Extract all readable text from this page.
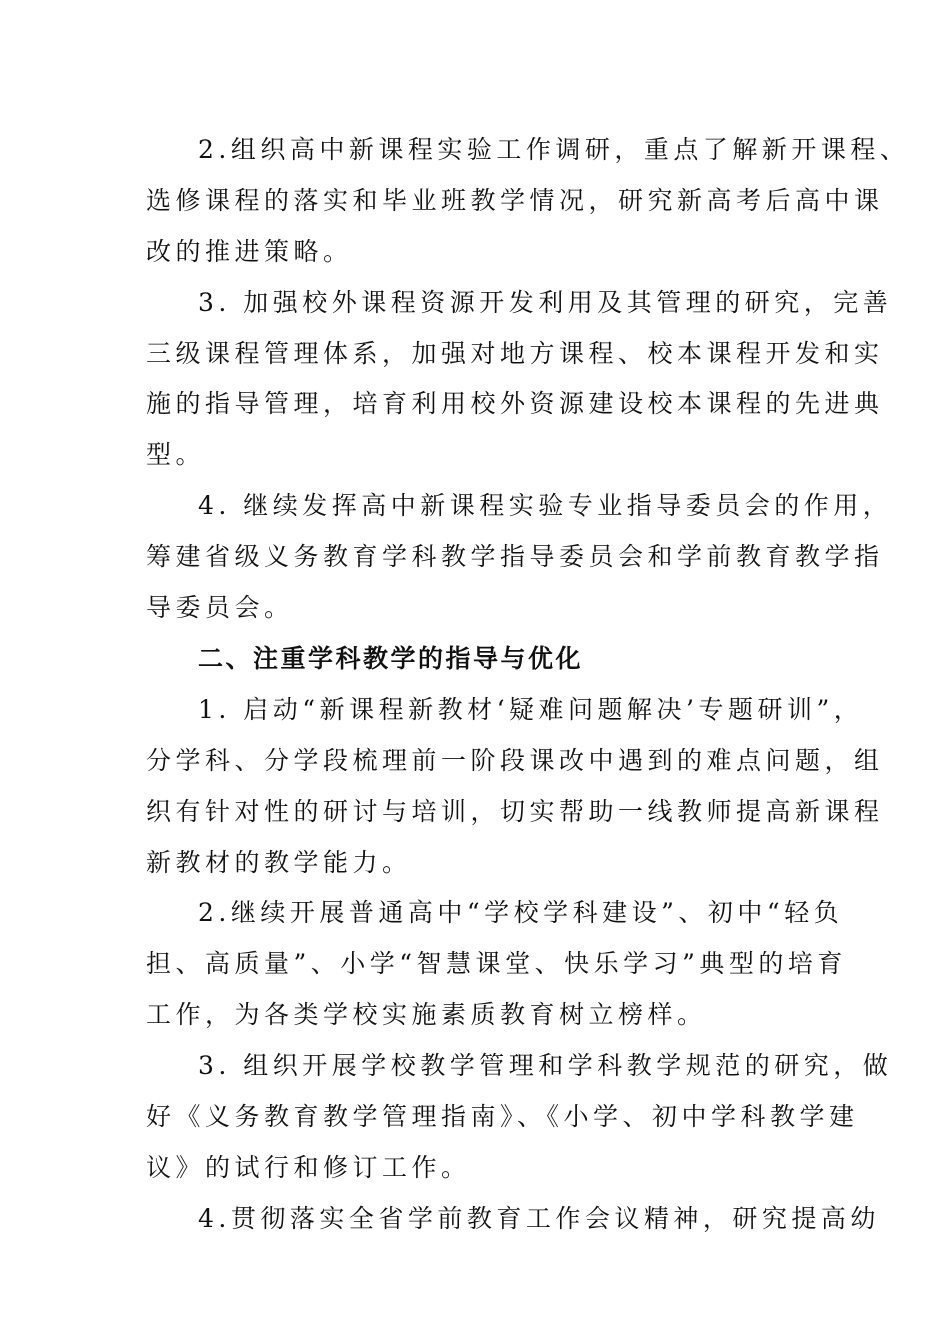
2.组织高中新课程实验工作调研，重点了解新开课程、
选修课程的落实和毕业班教学情况，研究新高考后高中课
改的推进策略。
3. 加强校外课程资源开发利用及其管理的研究，完善
三级课程管理体系，加强对地方课程、校本课程开发和实
施的指导管理，培育利用校外资源建设校本课程的先进典
型。
4. 继续发挥高中新课程实验专业指导委员会的作用，
筹建省级义务教育学科教学指导委员会和学前教育教学指
导委员会。
二、注重学科教学的指导与优化
1. 启动“新课程新教材‘疑难问题解决’专题研训”，
分学科、分学段梳理前一阶段课改中遇到的难点问题，组
织有针对性的研讨与培训，切实帮助一线教师提高新课程
新教材的教学能力。
2.继续开展普通高中“学校学科建设”、初中“轻负
担、高质量”、小学“智慧课堂、快乐学习”典型的培育
工作，为各类学校实施素质教育树立榜样。
3. 组织开展学校教学管理和学科教学规范的研究，做
好《义务教育教学管理指南》、《小学、初中学科教学建
议》的试行和修订工作。
4.贯彻落实全省学前教育工作会议精神，研究提高幼
